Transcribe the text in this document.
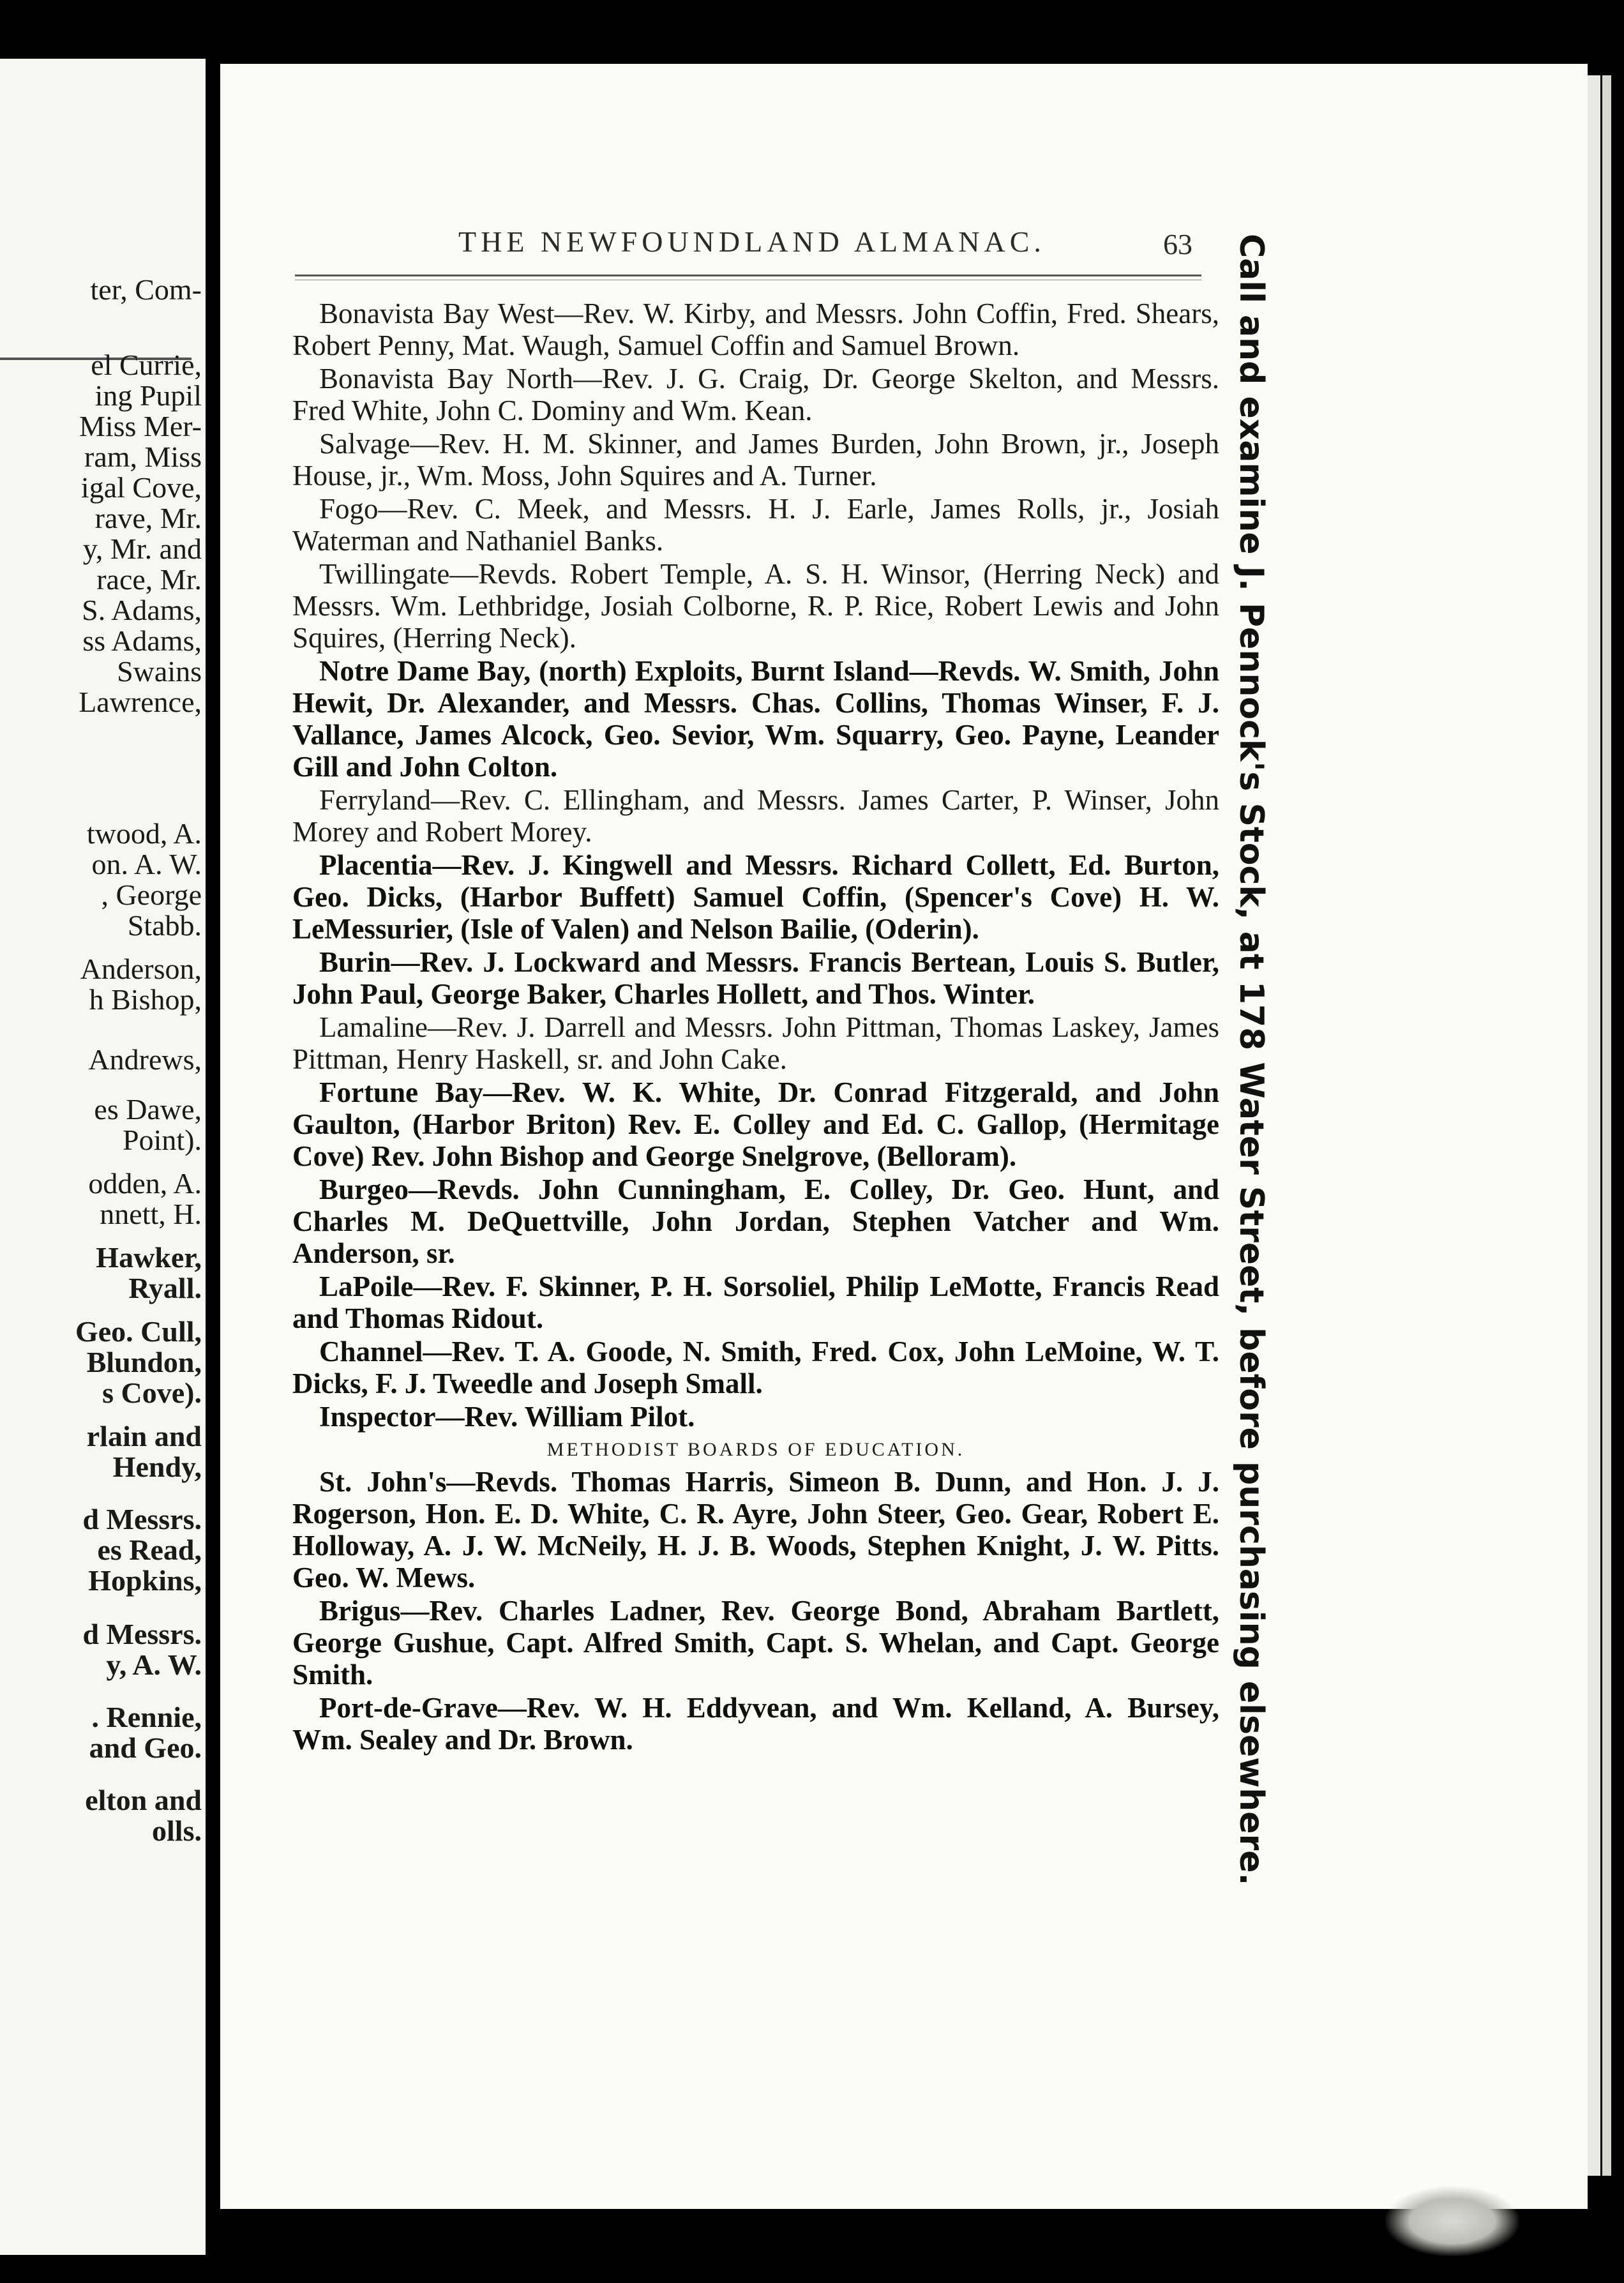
ter, Com-
el Currie,
ing Pupil
Miss Mer-
ram, Miss
igal Cove,
rave, Mr.
y, Mr. and
race, Mr.
S. Adams,
ss Adams,
Swains
Lawrence,
twood, A.
on. A. W.
, George
Stabb.
Anderson,
h Bishop,
Andrews,
es Dawe,
Point).
odden, A.
nnett, H.
Hawker,
Ryall.
Geo. Cull,
Blundon,
s Cove).
rlain and
Hendy,
d Messrs.
es Read,
Hopkins,
d Messrs.
y, A. W.
. Rennie,
and Geo.
elton and
olls.
THE NEWFOUNDLAND ALMANAC.	63

Bonavista Bay West—Rev. W. Kirby, and Messrs. John Coffin, Fred. Shears, Robert Penny, Mat. Waugh, Samuel Coffin and Samuel Brown.

Bonavista Bay North—Rev. J. G. Craig, Dr. George Skelton, and Messrs. Fred White, John C. Dominy and Wm. Kean.

Salvage—Rev. H. M. Skinner, and James Burden, John Brown, jr., Joseph House, jr., Wm. Moss, John Squires and A. Turner.

Fogo—Rev. C. Meek, and Messrs. H. J. Earle, James Rolls, jr., Josiah Waterman and Nathaniel Banks.

Twillingate—Revds. Robert Temple, A. S. H. Winsor, (Herring Neck) and Messrs. Wm. Lethbridge, Josiah Colborne, R. P. Rice, Robert Lewis and John Squires, (Herring Neck).

Notre Dame Bay, (north) Exploits, Burnt Island—Revds. W. Smith, John Hewit, Dr. Alexander, and Messrs. Chas. Collins, Thomas Winser, F. J. Vallance, James Alcock, Geo. Sevior, Wm. Squarry, Geo. Payne, Leander Gill and John Colton.

Ferryland—Rev. C. Ellingham, and Messrs. James Carter, P. Winser, John Morey and Robert Morey.

Placentia—Rev. J. Kingwell and Messrs. Richard Collett, Ed. Burton, Geo. Dicks, (Harbor Buffett) Samuel Coffin, (Spencer's Cove) H. W. LeMessurier, (Isle of Valen) and Nelson Bailie, (Oderin).

Burin—Rev. J. Lockward and Messrs. Francis Bertean, Louis S. Butler, John Paul, George Baker, Charles Hollett, and Thos. Winter.

Lamaline—Rev. J. Darrell and Messrs. John Pittman, Thomas Laskey, James Pittman, Henry Haskell, sr. and John Cake.

Fortune Bay—Rev. W. K. White, Dr. Conrad Fitzgerald, and John Gaulton, (Harbor Briton) Rev. E. Colley and Ed. C. Gallop, (Hermitage Cove) Rev. John Bishop and George Snelgrove, (Belloram).

Burgeo—Revds. John Cunningham, E. Colley, Dr. Geo. Hunt, and Charles M. DeQuettville, John Jordan, Stephen Vatcher and Wm. Anderson, sr.

LaPoile—Rev. F. Skinner, P. H. Sorsoliel, Philip LeMotte, Francis Read and Thomas Ridout.

Channel—Rev. T. A. Goode, N. Smith, Fred. Cox, John LeMoine, W. T. Dicks, F. J. Tweedle and Joseph Small.

Inspector—Rev. William Pilot.

METHODIST BOARDS OF EDUCATION.

St. John's—Revds. Thomas Harris, Simeon B. Dunn, and Hon. J. J. Rogerson, Hon. E. D. White, C. R. Ayre, John Steer, Geo. Gear, Robert E. Holloway, A. J. W. McNeily, H. J. B. Woods, Stephen Knight, J. W. Pitts. Geo. W. Mews.

Brigus—Rev. Charles Ladner, Rev. George Bond, Abraham Bartlett, George Gushue, Capt. Alfred Smith, Capt. S. Whelan, and Capt. George Smith.

Port-de-Grave—Rev. W. H. Eddyvean, and Wm. Kelland, A. Bursey, Wm. Sealey and Dr. Brown.	Call and examine J. Pennock's Stock, at 178 Water Street, before purchasing elsewhere.
